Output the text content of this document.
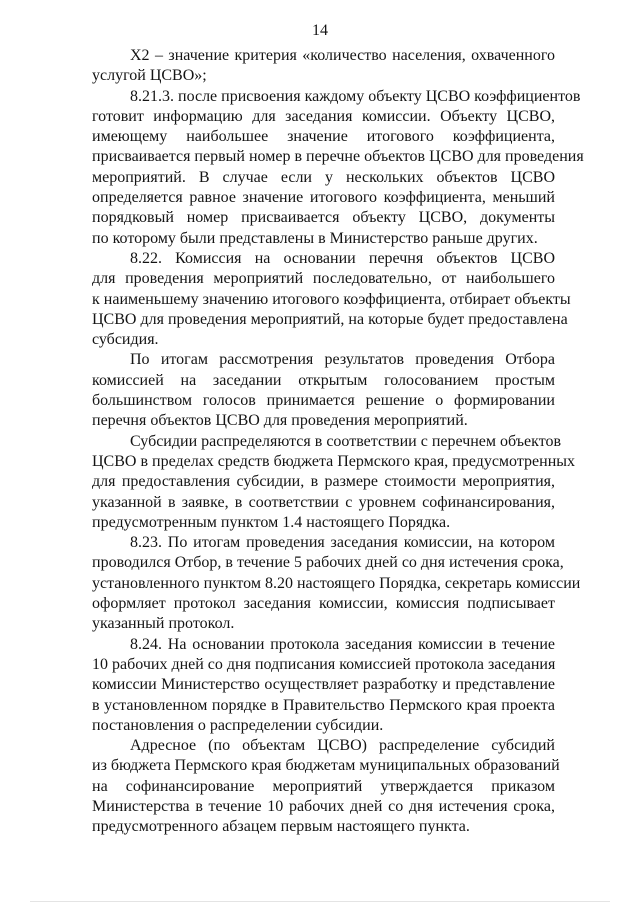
14
X2 – значение критерия «количество населения, охваченного
услугой ЦСВО»;
8.21.3. после присвоения каждому объекту ЦСВО коэффициентов
готовит информацию для заседания комиссии. Объекту ЦСВО,
имеющему наибольшее значение итогового коэффициента,
присваивается первый номер в перечне объектов ЦСВО для проведения
мероприятий. В случае если у нескольких объектов ЦСВО
определяется равное значение итогового коэффициента, меньший
порядковый номер присваивается объекту ЦСВО, документы
по которому были представлены в Министерство раньше других.
8.22. Комиссия на основании перечня объектов ЦСВО
для проведения мероприятий последовательно, от наибольшего
к наименьшему значению итогового коэффициента, отбирает объекты
ЦСВО для проведения мероприятий, на которые будет предоставлена
субсидия.
По итогам рассмотрения результатов проведения Отбора
комиссией на заседании открытым голосованием простым
большинством голосов принимается решение о формировании
перечня объектов ЦСВО для проведения мероприятий.
Субсидии распределяются в соответствии с перечнем объектов
ЦСВО в пределах средств бюджета Пермского края, предусмотренных
для предоставления субсидии, в размере стоимости мероприятия,
указанной в заявке, в соответствии с уровнем софинансирования,
предусмотренным пунктом 1.4 настоящего Порядка.
8.23. По итогам проведения заседания комиссии, на котором
проводился Отбор, в течение 5 рабочих дней со дня истечения срока,
установленного пунктом 8.20 настоящего Порядка, секретарь комиссии
оформляет протокол заседания комиссии, комиссия подписывает
указанный протокол.
8.24. На основании протокола заседания комиссии в течение
10 рабочих дней со дня подписания комиссией протокола заседания
комиссии Министерство осуществляет разработку и представление
в установленном порядке в Правительство Пермского края проекта
постановления о распределении субсидии.
Адресное (по объектам ЦСВО) распределение субсидий
из бюджета Пермского края бюджетам муниципальных образований
на софинансирование мероприятий утверждается приказом
Министерства в течение 10 рабочих дней со дня истечения срока,
предусмотренного абзацем первым настоящего пункта.
